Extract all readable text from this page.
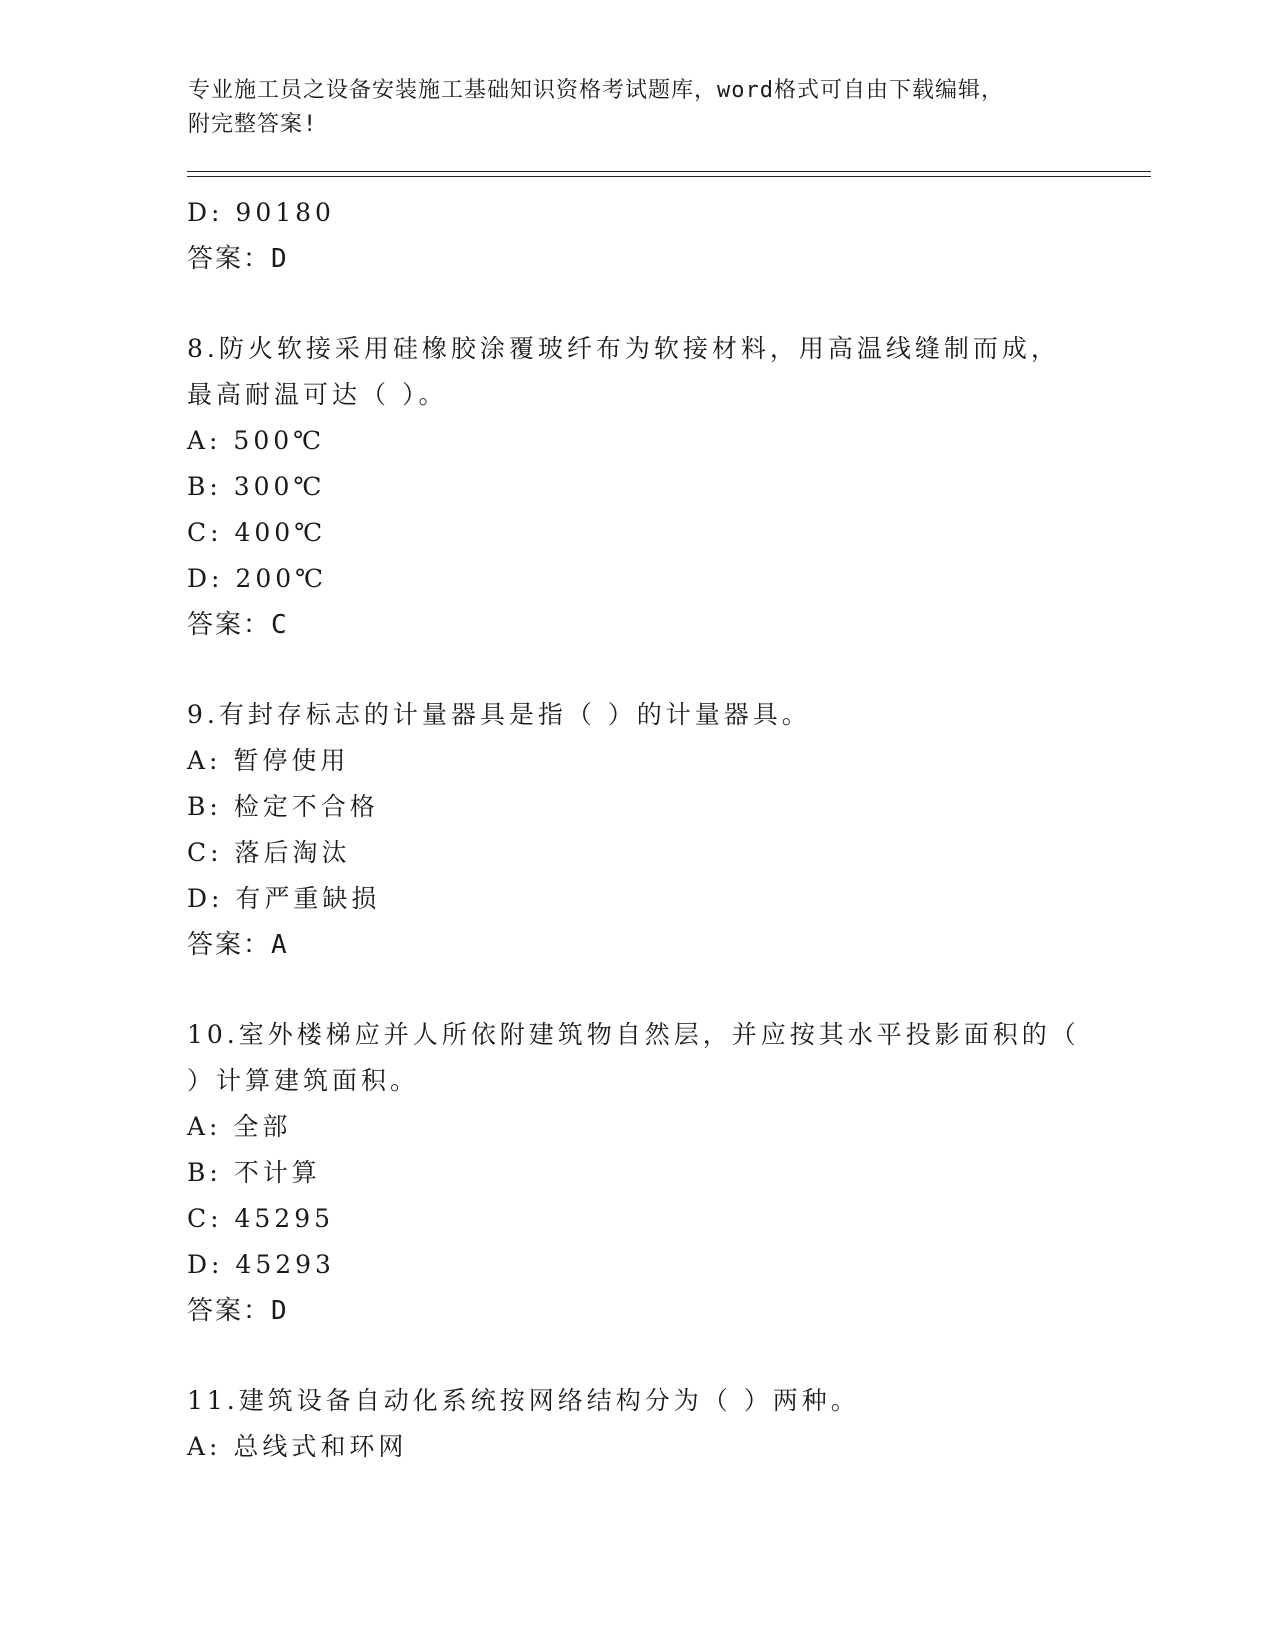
专业施工员之设备安装施工基础知识资格考试题库，word格式可自由下载编辑，
附完整答案!
D: 90180
答案：D
8.防火软接采用硅橡胶涂覆玻纤布为软接材料，用高温线缝制而成，
最高耐温可达（ ）。
A: 500℃
B: 300℃
C: 400℃
D: 200℃
答案：C
9.有封存标志的计量器具是指（ ）的计量器具。
A: 暂停使用
B: 检定不合格
C: 落后淘汰
D: 有严重缺损
答案：A
10.室外楼梯应并人所依附建筑物自然层，并应按其水平投影面积的（
）计算建筑面积。
A: 全部
B: 不计算
C: 45295
D: 45293
答案：D
11.建筑设备自动化系统按网络结构分为（ ）两种。
A: 总线式和环网
